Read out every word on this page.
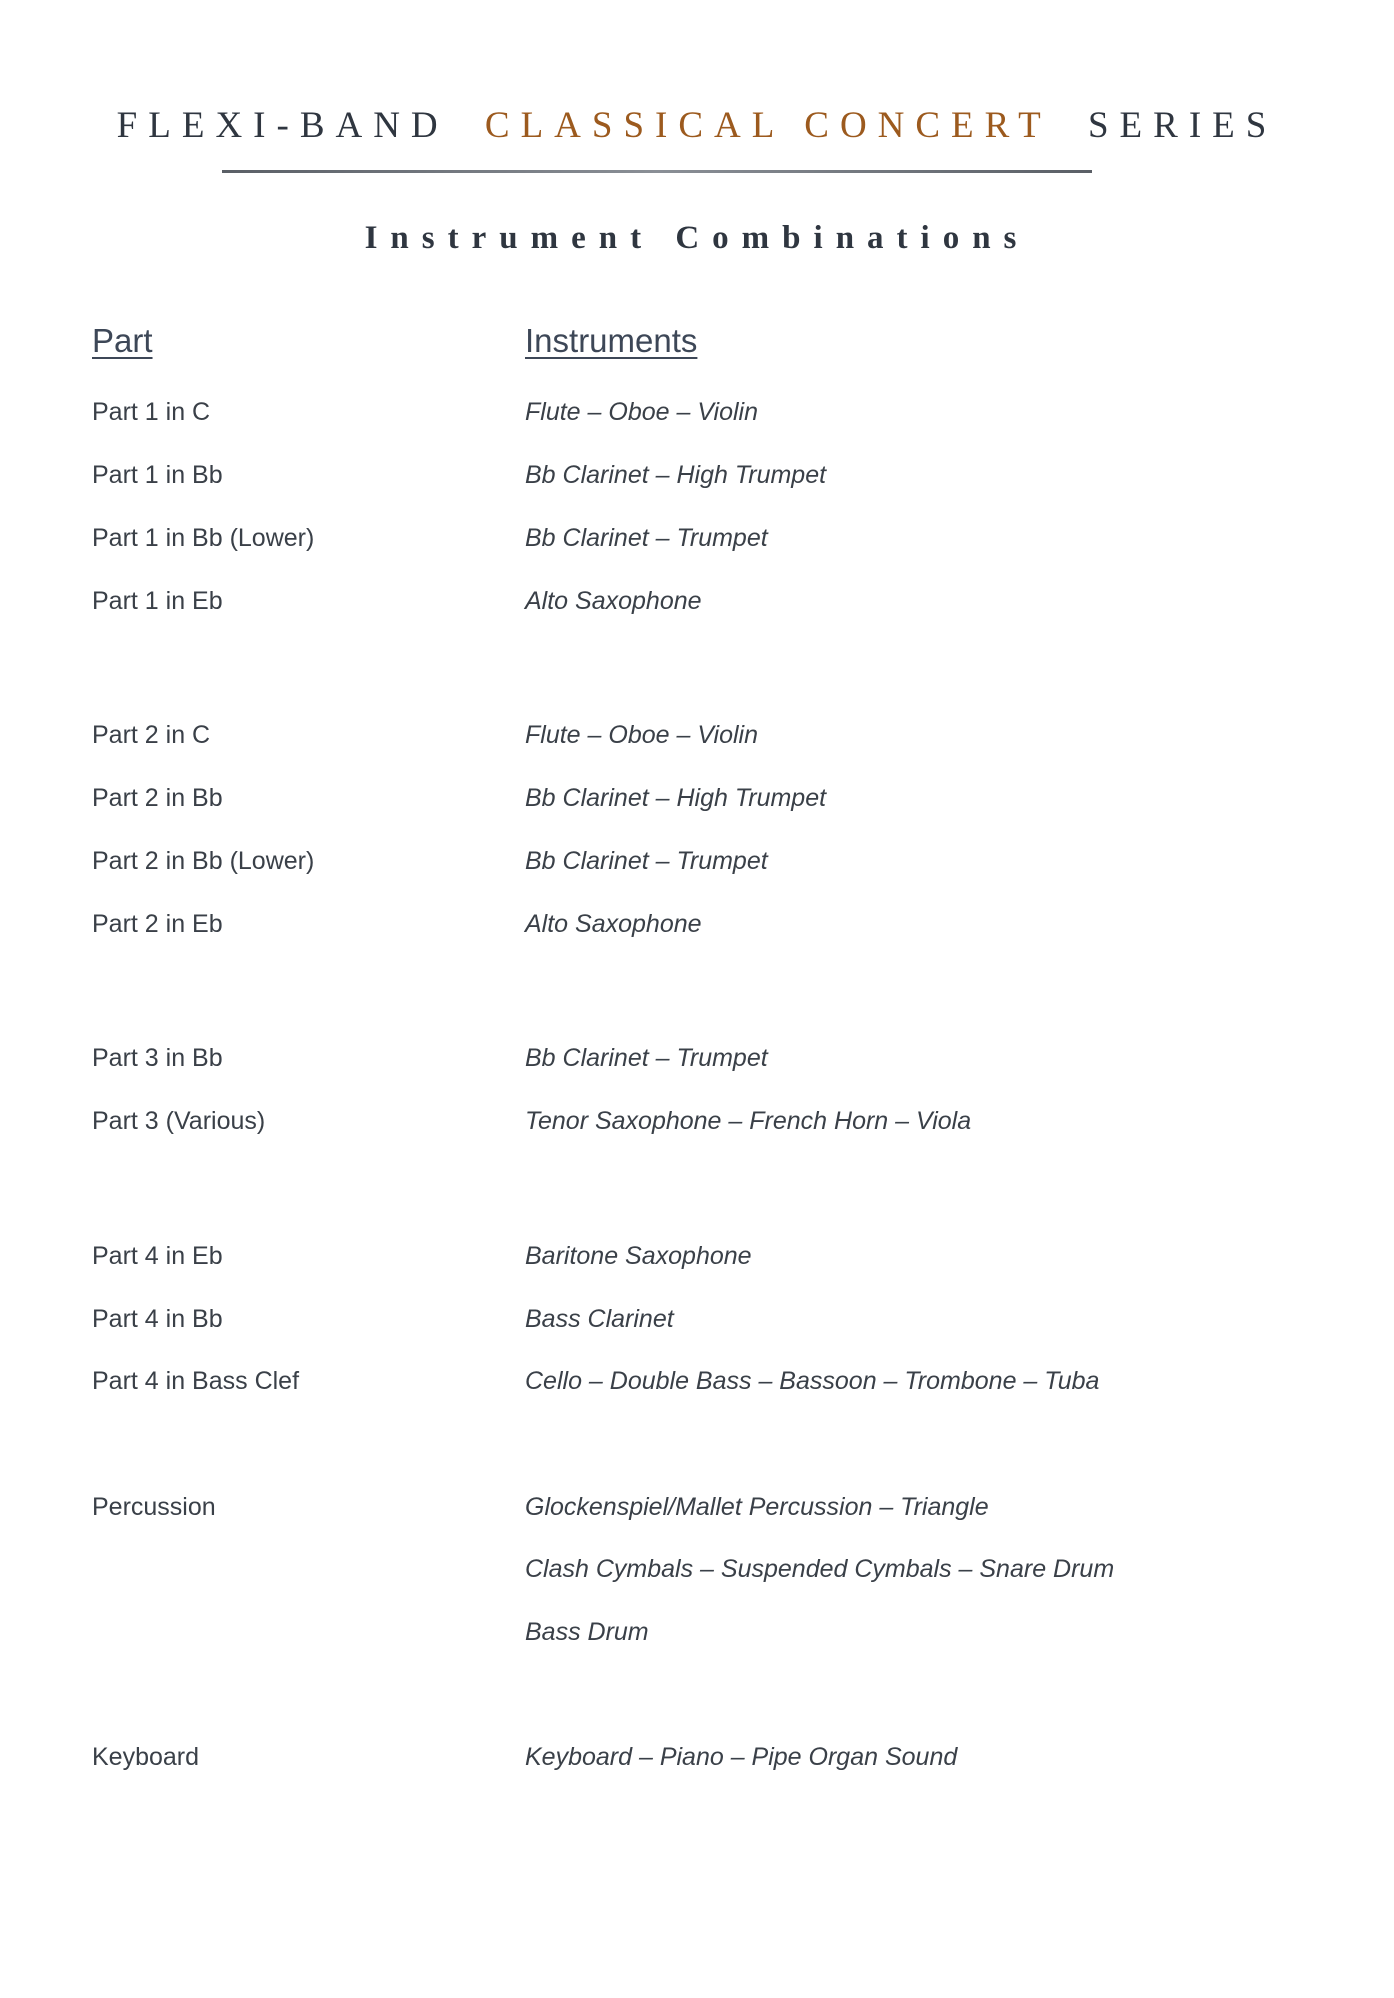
FLEXI-BAND CLASSICAL CONCERT SERIES
Instrument Combinations
Part	Instruments
Part 1 in C	Flute – Oboe – Violin
Part 1 in Bb	Bb Clarinet – High Trumpet
Part 1 in Bb (Lower)	Bb Clarinet – Trumpet
Part 1 in Eb	Alto Saxophone
Part 2 in C	Flute – Oboe – Violin
Part 2 in Bb	Bb Clarinet – High Trumpet
Part 2 in Bb (Lower)	Bb Clarinet – Trumpet
Part 2 in Eb	Alto Saxophone
Part 3 in Bb	Bb Clarinet – Trumpet
Part 3 (Various)	Tenor Saxophone – French Horn – Viola
Part 4 in Eb	Baritone Saxophone
Part 4 in Bb	Bass Clarinet
Part 4 in Bass Clef	Cello – Double Bass – Bassoon – Trombone – Tuba
Percussion	Glockenspiel/Mallet Percussion – Triangle
Clash Cymbals – Suspended Cymbals – Snare Drum
Bass Drum
Keyboard	Keyboard – Piano – Pipe Organ Sound
